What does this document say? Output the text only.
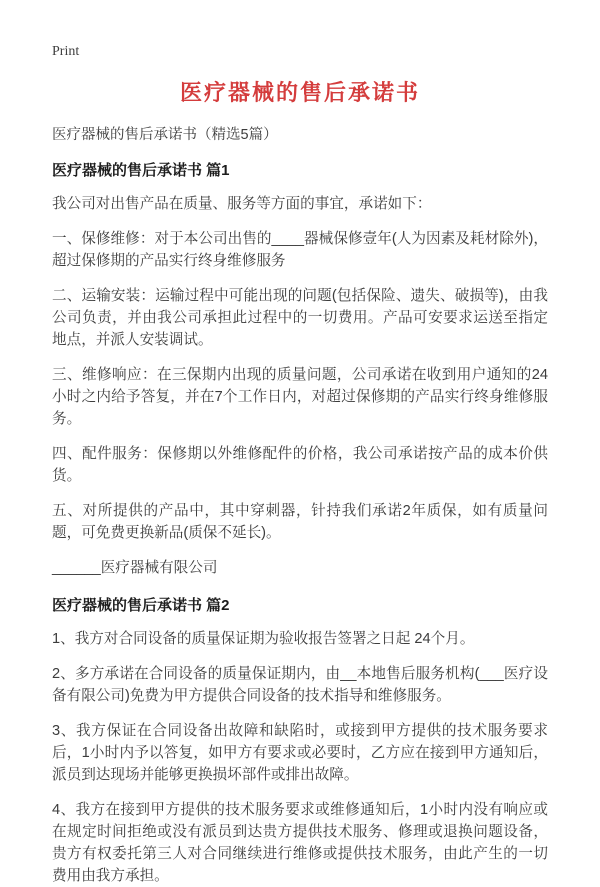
Print
医疗器械的售后承诺书
医疗器械的售后承诺书（精选5篇）
医疗器械的售后承诺书 篇1

我公司对出售产品在质量、服务等方面的事宜，承诺如下：

一、保修维修：对于本公司出售的____器械保修壹年(人为因素及耗材除外)，超过保修期的产品实行终身维修服务

二、运输安装：运输过程中可能出现的问题(包括保险、遗失、破损等)，由我公司负责，并由我公司承担此过程中的一切费用。产品可安要求运送至指定地点，并派人安装调试。

三、维修响应：在三保期内出现的质量问题，公司承诺在收到用户通知的24小时之内给予答复，并在7个工作日内，对超过保修期的产品实行终身维修服务。

四、配件服务：保修期以外维修配件的价格，我公司承诺按产品的成本价供货。

五、对所提供的产品中，其中穿刺器，针持我们承诺2年质保，如有质量问题，可免费更换新品(质保不延长)。

______医疗器械有限公司

医疗器械的售后承诺书 篇2

1、我方对合同设备的质量保证期为验收报告签署之日起 24个月。

2、多方承诺在合同设备的质量保证期内，由__本地售后服务机构(___医疗设备有限公司)免费为甲方提供合同设备的技术指导和维修服务。

3、我方保证在合同设备出故障和缺陷时，或接到甲方提供的技术服务要求后，1小时内予以答复，如甲方有要求或必要时，乙方应在接到甲方通知后，派员到达现场并能够更换损坏部件或排出故障。

4、我方在接到甲方提供的技术服务要求或维修通知后，1小时内没有响应或在规定时间拒绝或没有派员到达贵方提供技术服务、修理或退换问题设备，贵方有权委托第三人对合同继续进行维修或提供技术服务，由此产生的一切费用由我方承担。
